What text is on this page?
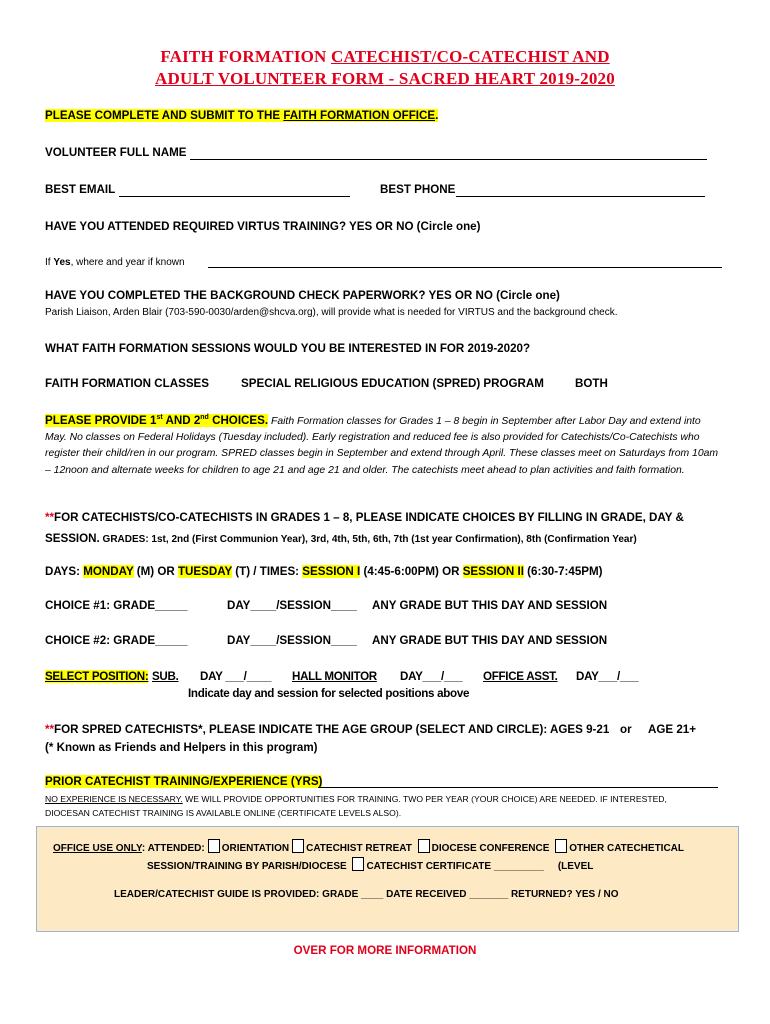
FAITH FORMATION CATECHIST/CO-CATECHIST AND
ADULT VOLUNTEER FORM - SACRED HEART 2019-2020
PLEASE COMPLETE AND SUBMIT TO THE FAITH FORMATION OFFICE.
VOLUNTEER FULL NAME
BEST EMAIL	BEST PHONE
HAVE YOU ATTENDED REQUIRED VIRTUS TRAINING? YES OR NO (Circle one)
If Yes, where and year if known
HAVE YOU COMPLETED THE BACKGROUND CHECK PAPERWORK? YES OR NO (Circle one)
Parish Liaison, Arden Blair (703-590-0030/arden@shcva.org), will provide what is needed for VIRTUS and the background check.
WHAT FAITH FORMATION SESSIONS WOULD YOU BE INTERESTED IN FOR 2019-2020?
FAITH FORMATION CLASSES	SPECIAL RELIGIOUS EDUCATION (SPRED) PROGRAM	BOTH
PLEASE PROVIDE 1st AND 2nd CHOICES. Faith Formation classes for Grades 1 – 8 begin in September after Labor Day and extend into May. No classes on Federal Holidays (Tuesday included). Early registration and reduced fee is also provided for Catechists/Co-Catechists who register their child/ren in our program. SPRED classes begin in September and extend through April. These classes meet on Saturdays from 10am – 12noon and alternate weeks for children to age 21 and age 21 and older. The catechists meet ahead to plan activities and faith formation.
**FOR CATECHISTS/CO-CATECHISTS IN GRADES 1 – 8, PLEASE INDICATE CHOICES BY FILLING IN GRADE, DAY &
SESSION. GRADES: 1st, 2nd (First Communion Year), 3rd, 4th, 5th, 6th, 7th (1st year Confirmation), 8th (Confirmation Year)
DAYS: MONDAY (M) OR TUESDAY (T) / TIMES: SESSION I (4:45-6:00PM) OR SESSION II (6:30-7:45PM)
CHOICE #1: GRADE_____	DAY____/SESSION____ ANY GRADE BUT THIS DAY AND SESSION
CHOICE #2: GRADE_____	DAY____/SESSION____ ANY GRADE BUT THIS DAY AND SESSION
SELECT POSITION: SUB. DAY ___/____ HALL MONITOR DAY___/___ OFFICE ASST. DAY___/___
Indicate day and session for selected positions above
**FOR SPRED CATECHISTS*, PLEASE INDICATE THE AGE GROUP (SELECT AND CIRCLE): AGES 9-21 or AGE 21+
(* Known as Friends and Helpers in this program)
PRIOR CATECHIST TRAINING/EXPERIENCE (YRS)
NO EXPERIENCE IS NECESSARY. WE WILL PROVIDE OPPORTUNITIES FOR TRAINING. TWO PER YEAR (YOUR CHOICE) ARE NEEDED. IF INTERESTED,
DIOCESAN CATECHIST TRAINING IS AVAILABLE ONLINE (CERTIFICATE LEVELS ALSO).
OFFICE USE ONLY: ATTENDED: ORIENTATION CATECHIST RETREAT DIOCESE CONFERENCE OTHER CATECHETICAL
SESSION/TRAINING BY PARISH/DIOCESE CATECHIST CERTIFICATE _________ (LEVEL
LEADER/CATECHIST GUIDE IS PROVIDED: GRADE ____ DATE RECEIVED _______ RETURNED? YES / NO
OVER FOR MORE INFORMATION
